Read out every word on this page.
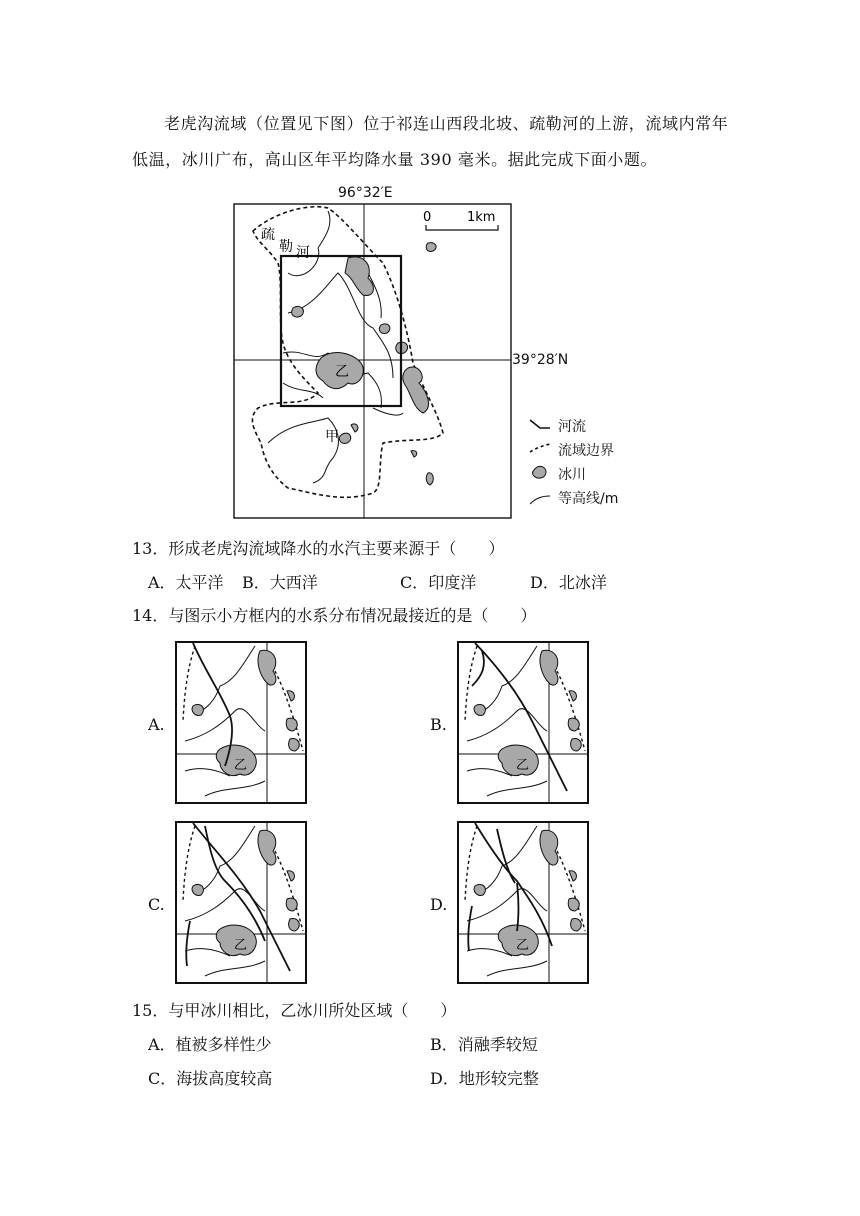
老虎沟流域（位置见下图）位于祁连山西段北坡、疏勒河的上游，流域内常年低温，冰川广布，高山区年平均降水量 390 毫米。据此完成下面小题。
96°32′E
39°28′N
疏
勒 河
乙
甲
0	1km
河流
流域边界
冰川
等高线/m
13．形成老虎沟流域降水的水汽主要来源于（　　）
A．太平洋 B．大西洋	C．印度洋	D．北冰洋
14．与图示小方框内的水系分布情况最接近的是（　　）
A.	B.
C.	D.
乙	乙
乙	乙
15．与甲冰川相比，乙冰川所处区域（　　）
A．植被多样性少	B．消融季较短
C．海拔高度较高	D．地形较完整
